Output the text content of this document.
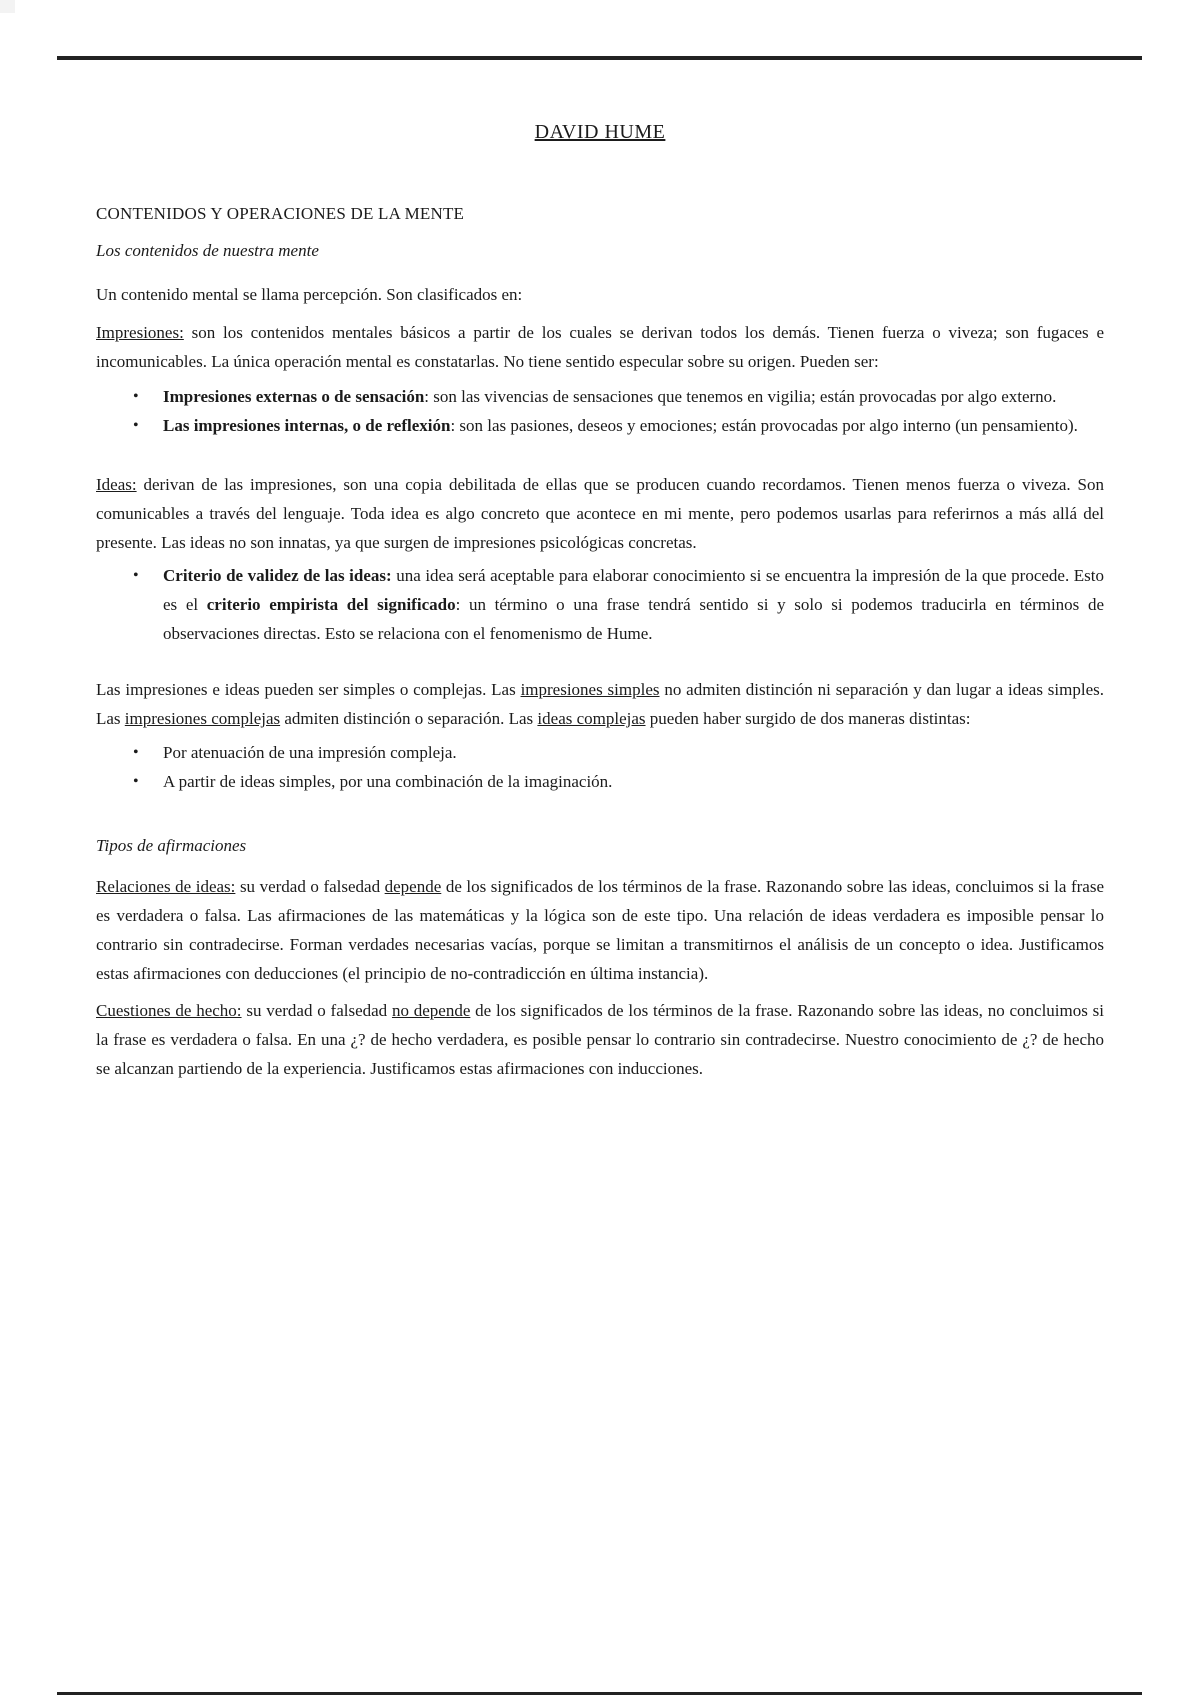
DAVID HUME
CONTENIDOS Y OPERACIONES DE LA MENTE
Los contenidos de nuestra mente

Un contenido mental se llama percepción. Son clasificados en:

Impresiones: son los contenidos mentales básicos a partir de los cuales se derivan todos los demás. Tienen fuerza o viveza; son fugaces e incomunicables. La única operación mental es constatarlas. No tiene sentido especular sobre su origen. Pueden ser:

• Impresiones externas o de sensación: son las vivencias de sensaciones que tenemos en vigilia; están provocadas por algo externo.
• Las impresiones internas, o de reflexión: son las pasiones, deseos y emociones; están provocadas por algo interno (un pensamiento).

Ideas: derivan de las impresiones, son una copia debilitada de ellas que se producen cuando recordamos. Tienen menos fuerza o viveza. Son comunicables a través del lenguaje. Toda idea es algo concreto que acontece en mi mente, pero podemos usarlas para referirnos a más allá del presente. Las ideas no son innatas, ya que surgen de impresiones psicológicas concretas.

• Criterio de validez de las ideas: una idea será aceptable para elaborar conocimiento si se encuentra la impresión de la que procede. Esto es el criterio empirista del significado: un término o una frase tendrá sentido si y solo si podemos traducirla en términos de observaciones directas. Esto se relaciona con el fenomenismo de Hume.

Las impresiones e ideas pueden ser simples o complejas. Las impresiones simples no admiten distinción ni separación y dan lugar a ideas simples. Las impresiones complejas admiten distinción o separación. Las ideas complejas pueden haber surgido de dos maneras distintas:

• Por atenuación de una impresión compleja.
• A partir de ideas simples, por una combinación de la imaginación.
Tipos de afirmaciones

Relaciones de ideas: su verdad o falsedad depende de los significados de los términos de la frase. Razonando sobre las ideas, concluimos si la frase es verdadera o falsa. Las afirmaciones de las matemáticas y la lógica son de este tipo. Una relación de ideas verdadera es imposible pensar lo contrario sin contradecirse. Forman verdades necesarias vacías, porque se limitan a transmitirnos el análisis de un concepto o idea. Justificamos estas afirmaciones con deducciones (el principio de no-contradicción en última instancia).

Cuestiones de hecho: su verdad o falsedad no depende de los significados de los términos de la frase. Razonando sobre las ideas, no concluimos si la frase es verdadera o falsa. En una ¿? de hecho verdadera, es posible pensar lo contrario sin contradecirse. Nuestro conocimiento de ¿? de hecho se alcanzan partiendo de la experiencia. Justificamos estas afirmaciones con inducciones.
